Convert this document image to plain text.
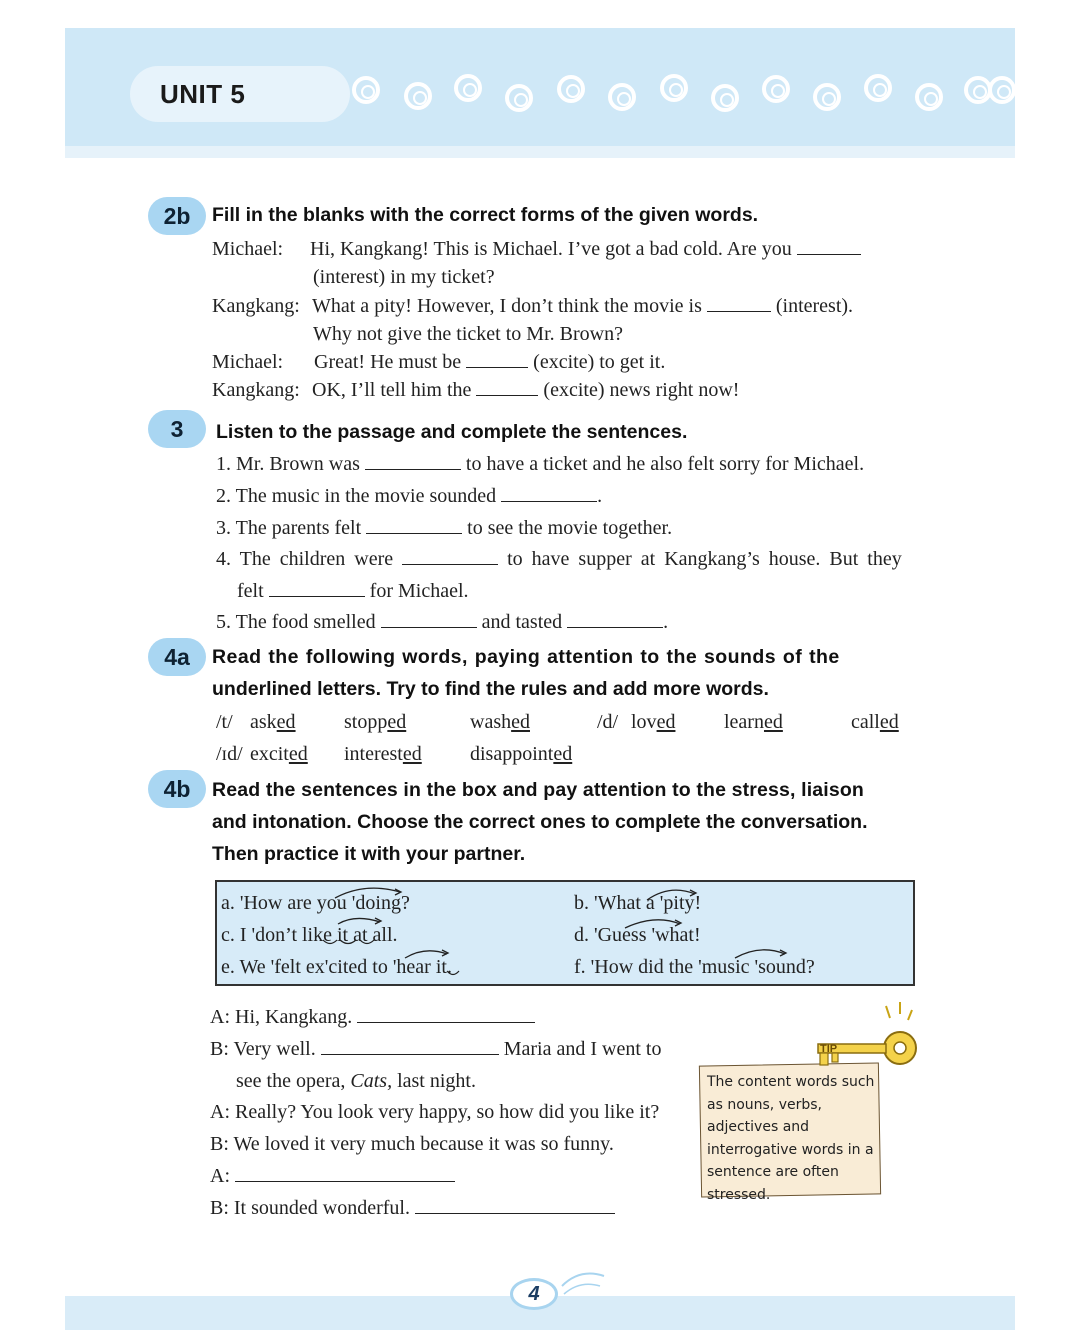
UNIT 5
2b	Fill in the blanks with the correct forms of the given words.
Michael: Hi, Kangkang! This is Michael. I’ve got a bad cold. Are you
(interest) in my ticket?
Kangkang: What a pity! However, I don’t think the movie is	(interest).
Why not give the ticket to Mr. Brown?
Michael: Great! He must be	(excite) to get it.
Kangkang: OK, I’ll tell him the	(excite) news right now!
3	Listen to the passage and complete the sentences.
1. Mr. Brown was	to have a ticket and he also felt sorry for Michael.
2. The music in the movie sounded	.
3. The parents felt	to see the movie together.
4. The children were	to have supper at Kangkang’s house. But they
felt	for Michael.
5. The food smelled	and tasted	.
4a	Read the following words, paying attention to the sounds of the
underlined letters. Try to find the rules and add more words.
/t/ asked stopped	washed	/d/ loved learned	called
/ɪd/ excited interested disappointed
4b	Read the sentences in the box and pay attention to the stress, liaison
and intonation. Choose the correct ones to complete the conversation.
Then practice it with your partner.
a. 'How are you 'doing?	b. 'What a 'pity!
c. I 'don’t like it at all.	d. 'Guess 'what!
e. We 'felt ex'cited to 'hear it.	f. 'How did the 'music 'sound?
A: Hi, Kangkang.
B: Very well.	Maria and I went to
see the opera, Cats, last night.
A: Really? You look very happy, so how did you like it?
B: We loved it very much because it was so funny.
A:
B: It sounded wonderful.
The content words such as nouns, verbs, adjectives and interrogative words in a sentence are often stressed.
TIP
4
